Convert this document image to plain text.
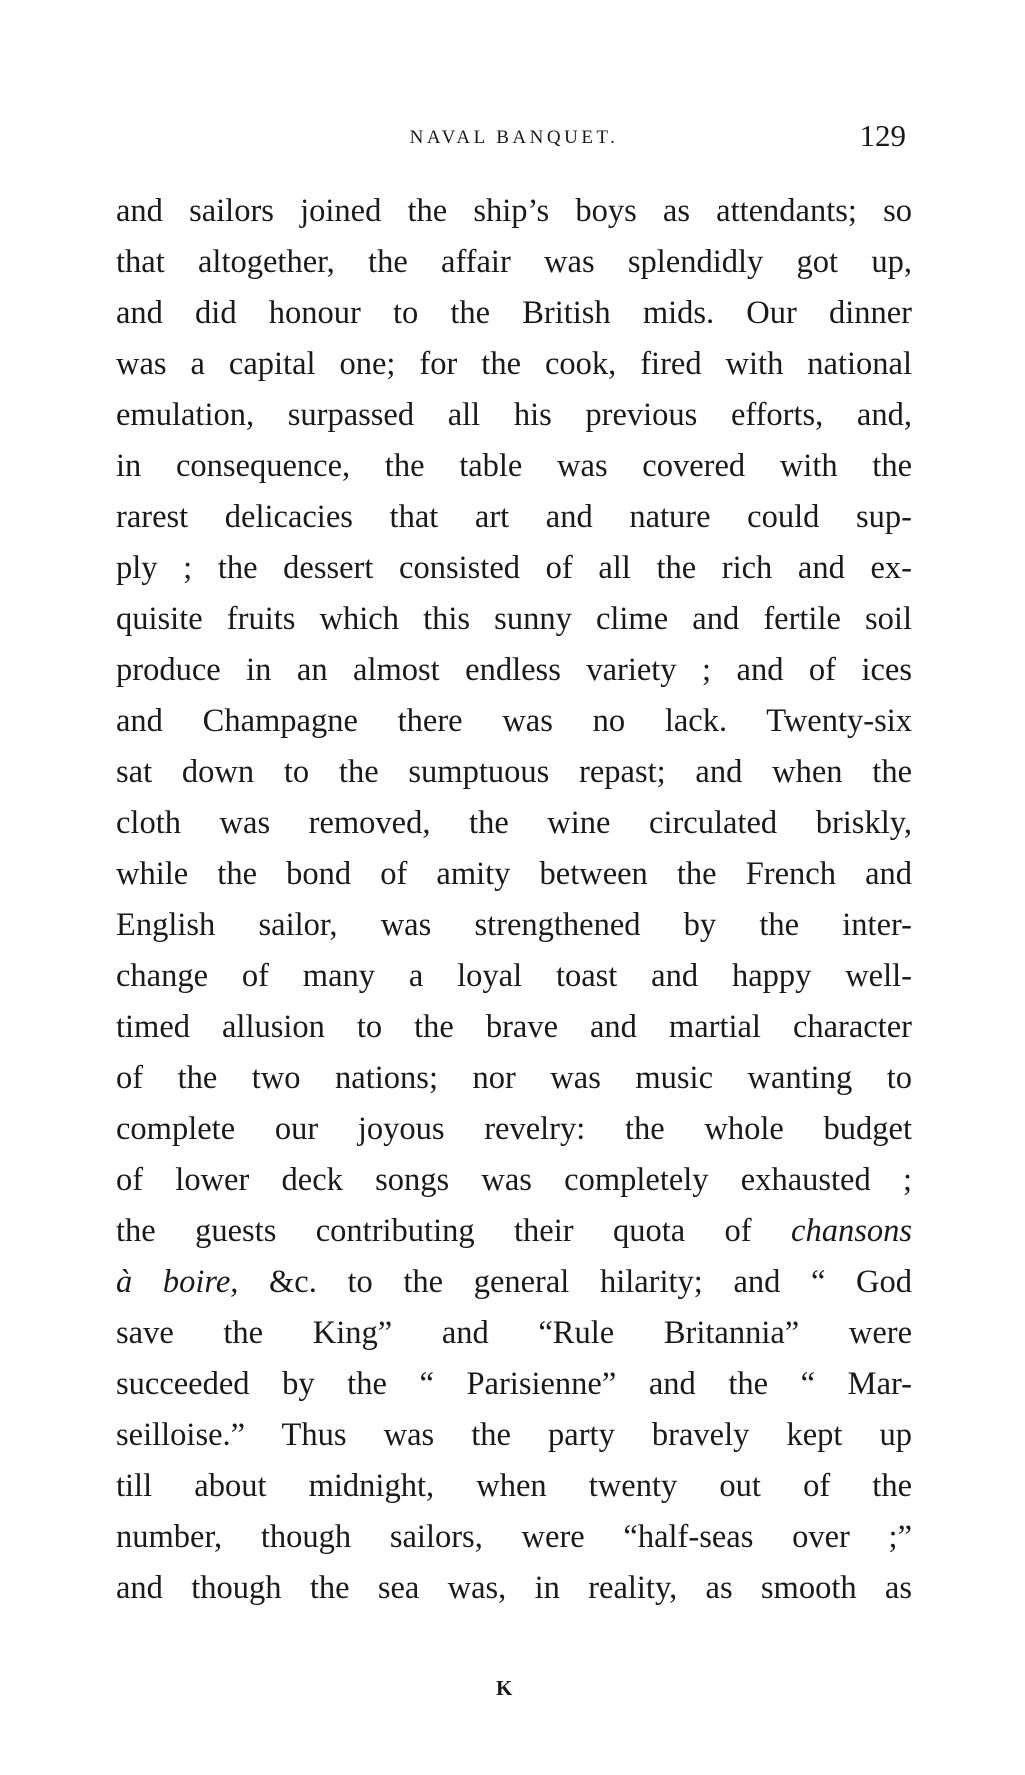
NAVAL BANQUET.	129
and sailors joined the ship’s boys as attendants; so
that altogether, the affair was splendidly got up,
and did honour to the British mids. Our dinner
was a capital one; for the cook, fired with national
emulation, surpassed all his previous efforts, and,
in consequence, the table was covered with the
rarest delicacies that art and nature could sup-
ply ; the dessert consisted of all the rich and ex-
quisite fruits which this sunny clime and fertile soil
produce in an almost endless variety ; and of ices
and Champagne there was no lack. Twenty-six
sat down to the sumptuous repast; and when the
cloth was removed, the wine circulated briskly,
while the bond of amity between the French and
English sailor, was strengthened by the inter-
change of many a loyal toast and happy well-
timed allusion to the brave and martial character
of the two nations; nor was music wanting to
complete our joyous revelry: the whole budget
of lower deck songs was completely exhausted ;
the guests contributing their quota of chansons
à boire, &c. to the general hilarity; and “ God
save the King” and “Rule Britannia” were
succeeded by the “ Parisienne” and the “ Mar-
seilloise.” Thus was the party bravely kept up
till about midnight, when twenty out of the
number, though sailors, were “half-seas over ;”
and though the sea was, in reality, as smooth as
K
